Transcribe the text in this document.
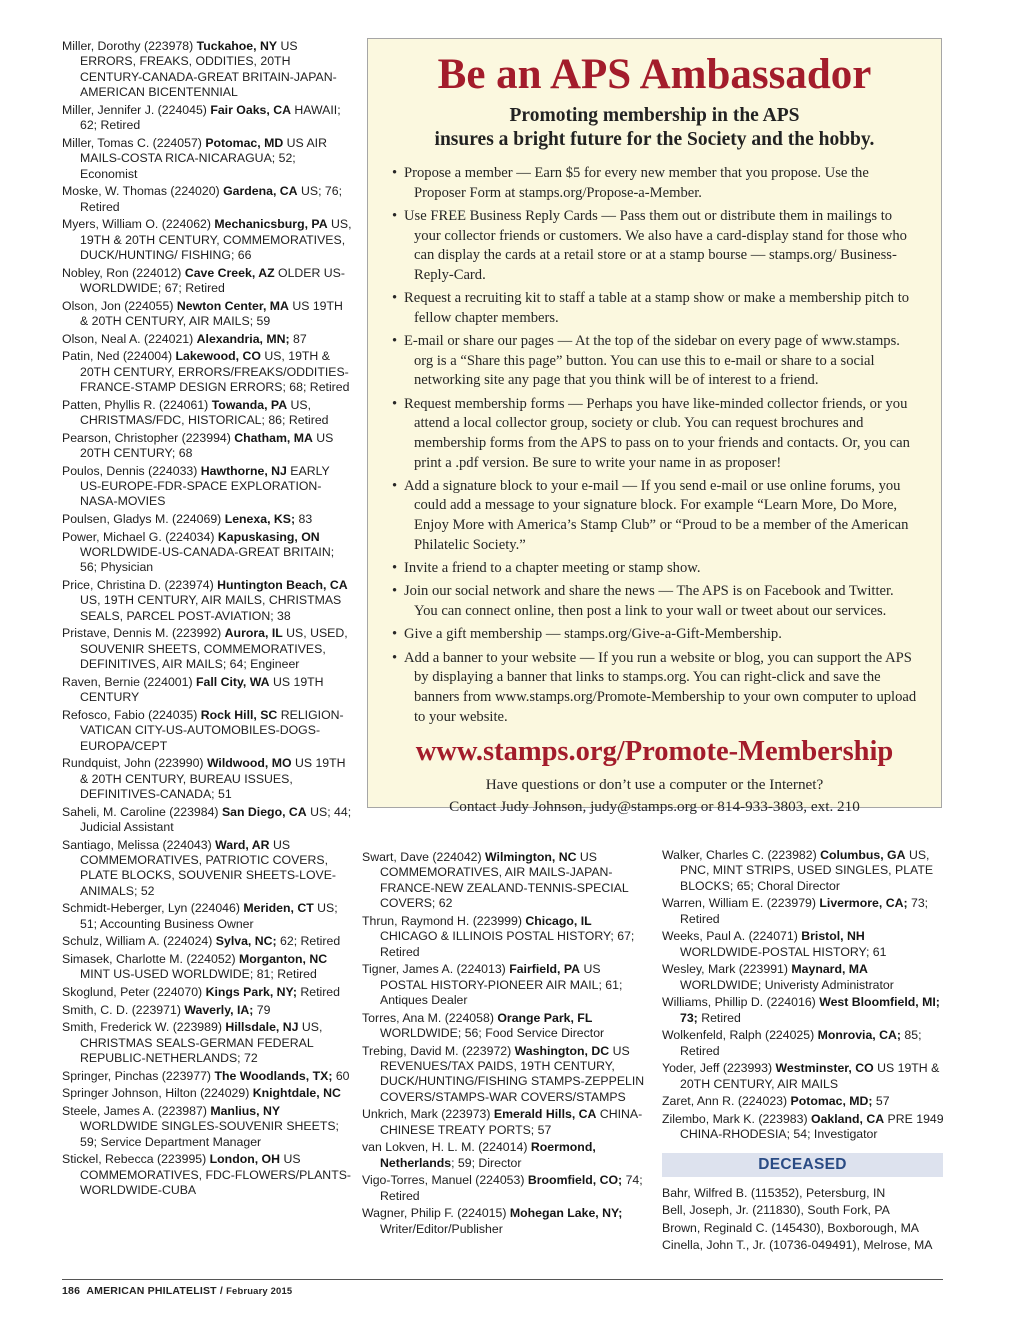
Miller, Dorothy (223978) Tuckahoe, NY US ERRORS, FREAKS, ODDITIES, 20TH CENTURY-CANADA-GREAT BRITAIN-JAPAN-AMERICAN BICENTENNIAL
Miller, Jennifer J. (224045) Fair Oaks, CA HAWAII; 62; Retired
Miller, Tomas C. (224057) Potomac, MD US AIR MAILS-COSTA RICA-NICARAGUA; 52; Economist
Moske, W. Thomas (224020) Gardena, CA US; 76; Retired
Myers, William O. (224062) Mechanicsburg, PA US, 19TH & 20TH CENTURY, COMMEMORATIVES, DUCK/HUNTING/ FISHING; 66
Nobley, Ron (224012) Cave Creek, AZ OLDER US-WORLDWIDE; 67; Retired
Olson, Jon (224055) Newton Center, MA US 19TH & 20TH CENTURY, AIR MAILS; 59
Olson, Neal A. (224021) Alexandria, MN; 87
Patin, Ned (224004) Lakewood, CO US, 19TH & 20TH CENTURY, ERRORS/FREAKS/ODDITIES-FRANCE-STAMP DESIGN ERRORS; 68; Retired
Patten, Phyllis R. (224061) Towanda, PA US, CHRISTMAS/FDC, HISTORICAL; 86; Retired
Pearson, Christopher (223994) Chatham, MA US 20TH CENTURY; 68
Poulos, Dennis (224033) Hawthorne, NJ EARLY US-EUROPE-FDR-SPACE EXPLORATION-NASA-MOVIES
Poulsen, Gladys M. (224069) Lenexa, KS; 83
Power, Michael G. (224034) Kapuskasing, ON WORLDWIDE-US-CANADA-GREAT BRITAIN; 56; Physician
Price, Christina D. (223974) Huntington Beach, CA US, 19TH CENTURY, AIR MAILS, CHRISTMAS SEALS, PARCEL POST-AVIATION; 38
Pristave, Dennis M. (223992) Aurora, IL US, USED, SOUVENIR SHEETS, COMMEMORATIVES, DEFINITIVES, AIR MAILS; 64; Engineer
Raven, Bernie (224001) Fall City, WA US 19TH CENTURY
Refosco, Fabio (224035) Rock Hill, SC RELIGION-VATICAN CITY-US-AUTOMOBILES-DOGS-EUROPA/CEPT
Rundquist, John (223990) Wildwood, MO US 19TH & 20TH CENTURY, BUREAU ISSUES, DEFINITIVES-CANADA; 51
Saheli, M. Caroline (223984) San Diego, CA US; 44; Judicial Assistant
Santiago, Melissa (224043) Ward, AR US COMMEMORATIVES, PATRIOTIC COVERS, PLATE BLOCKS, SOUVENIR SHEETS-LOVE-ANIMALS; 52
Schmidt-Heberger, Lyn (224046) Meriden, CT US; 51; Accounting Business Owner
Schulz, William A. (224024) Sylva, NC; 62; Retired
Simasek, Charlotte M. (224052) Morganton, NC MINT US-USED WORLDWIDE; 81; Retired
Skoglund, Peter (224070) Kings Park, NY; Retired
Smith, C. D. (223971) Waverly, IA; 79
Smith, Frederick W. (223989) Hillsdale, NJ US, CHRISTMAS SEALS-GERMAN FEDERAL REPUBLIC-NETHERLANDS; 72
Springer, Pinchas (223977) The Woodlands, TX; 60
Springer Johnson, Hilton (224029) Knightdale, NC
Steele, James A. (223987) Manlius, NY WORLDWIDE SINGLES-SOUVENIR SHEETS; 59; Service Department Manager
Stickel, Rebecca (223995) London, OH US COMMEMORATIVES, FDC-FLOWERS/PLANTS-WORLDWIDE-CUBA
Be an APS Ambassador
Promoting membership in the APS
insures a bright future for the Society and the hobby.
• Propose a member — Earn $5 for every new member that you propose. Use the Proposer Form at stamps.org/Propose-a-Member.
• Use FREE Business Reply Cards — Pass them out or distribute them in mailings to your collector friends or customers. We also have a card-display stand for those who can display the cards at a retail store or at a stamp bourse — stamps.org/ Business-Reply-Card.
• Request a recruiting kit to staff a table at a stamp show or make a membership pitch to fellow chapter members.
• E-mail or share our pages — At the top of the sidebar on every page of www.stamps. org is a “Share this page” button. You can use this to e-mail or share to a social networking site any page that you think will be of interest to a friend.
• Request membership forms — Perhaps you have like-minded collector friends, or you attend a local collector group, society or club. You can request brochures and membership forms from the APS to pass on to your friends and contacts. Or, you can print a .pdf version. Be sure to write your name in as proposer!
• Add a signature block to your e-mail — If you send e-mail or use online forums, you could add a message to your signature block. For example “Learn More, Do More, Enjoy More with America’s Stamp Club” or “Proud to be a member of the American Philatelic Society.”
• Invite a friend to a chapter meeting or stamp show.
• Join our social network and share the news — The APS is on Facebook and Twitter. You can connect online, then post a link to your wall or tweet about our services.
• Give a gift membership — stamps.org/Give-a-Gift-Membership.
• Add a banner to your website — If you run a website or blog, you can support the APS by displaying a banner that links to stamps.org. You can right-click and save the banners from www.stamps.org/Promote-Membership to your own computer to upload to your website.
www.stamps.org/Promote-Membership
Have questions or don’t use a computer or the Internet?
Contact Judy Johnson, judy@stamps.org or 814-933-3803, ext. 210
Swart, Dave (224042) Wilmington, NC US COMMEMORATIVES, AIR MAILS-JAPAN-FRANCE-NEW ZEALAND-TENNIS-SPECIAL COVERS; 62
Thrun, Raymond H. (223999) Chicago, IL CHICAGO & ILLINOIS POSTAL HISTORY; 67; Retired
Tigner, James A. (224013) Fairfield, PA US POSTAL HISTORY-PIONEER AIR MAIL; 61; Antiques Dealer
Torres, Ana M. (224058) Orange Park, FL WORLDWIDE; 56; Food Service Director
Trebing, David M. (223972) Washington, DC US REVENUES/TAX PAIDS, 19TH CENTURY, DUCK/HUNTING/FISHING STAMPS-ZEPPELIN COVERS/STAMPS-WAR COVERS/STAMPS
Unkrich, Mark (223973) Emerald Hills, CA CHINA-CHINESE TREATY PORTS; 57
van Lokven, H. L. M. (224014) Roermond, Netherlands; 59; Director
Vigo-Torres, Manuel (224053) Broomfield, CO; 74; Retired
Wagner, Philip F. (224015) Mohegan Lake, NY; Writer/Editor/Publisher
Walker, Charles C. (223982) Columbus, GA US, PNC, MINT STRIPS, USED SINGLES, PLATE BLOCKS; 65; Choral Director
Warren, William E. (223979) Livermore, CA; 73; Retired
Weeks, Paul A. (224071) Bristol, NH WORLDWIDE-POSTAL HISTORY; 61
Wesley, Mark (223991) Maynard, MA WORLDWIDE; Univeristy Administrator
Williams, Phillip D. (224016) West Bloomfield, MI; 73; Retired
Wolkenfeld, Ralph (224025) Monrovia, CA; 85; Retired
Yoder, Jeff (223993) Westminster, CO US 19TH & 20TH CENTURY, AIR MAILS
Zaret, Ann R. (224023) Potomac, MD; 57
Zilembo, Mark K. (223983) Oakland, CA PRE 1949 CHINA-RHODESIA; 54; Investigator
DECEASED
Bahr, Wilfred B. (115352), Petersburg, IN
Bell, Joseph, Jr. (211830), South Fork, PA
Brown, Reginald C. (145430), Boxborough, MA
Cinella, John T., Jr. (10736-049491), Melrose, MA
186 AMERICAN PHILATELIST / February 2015
